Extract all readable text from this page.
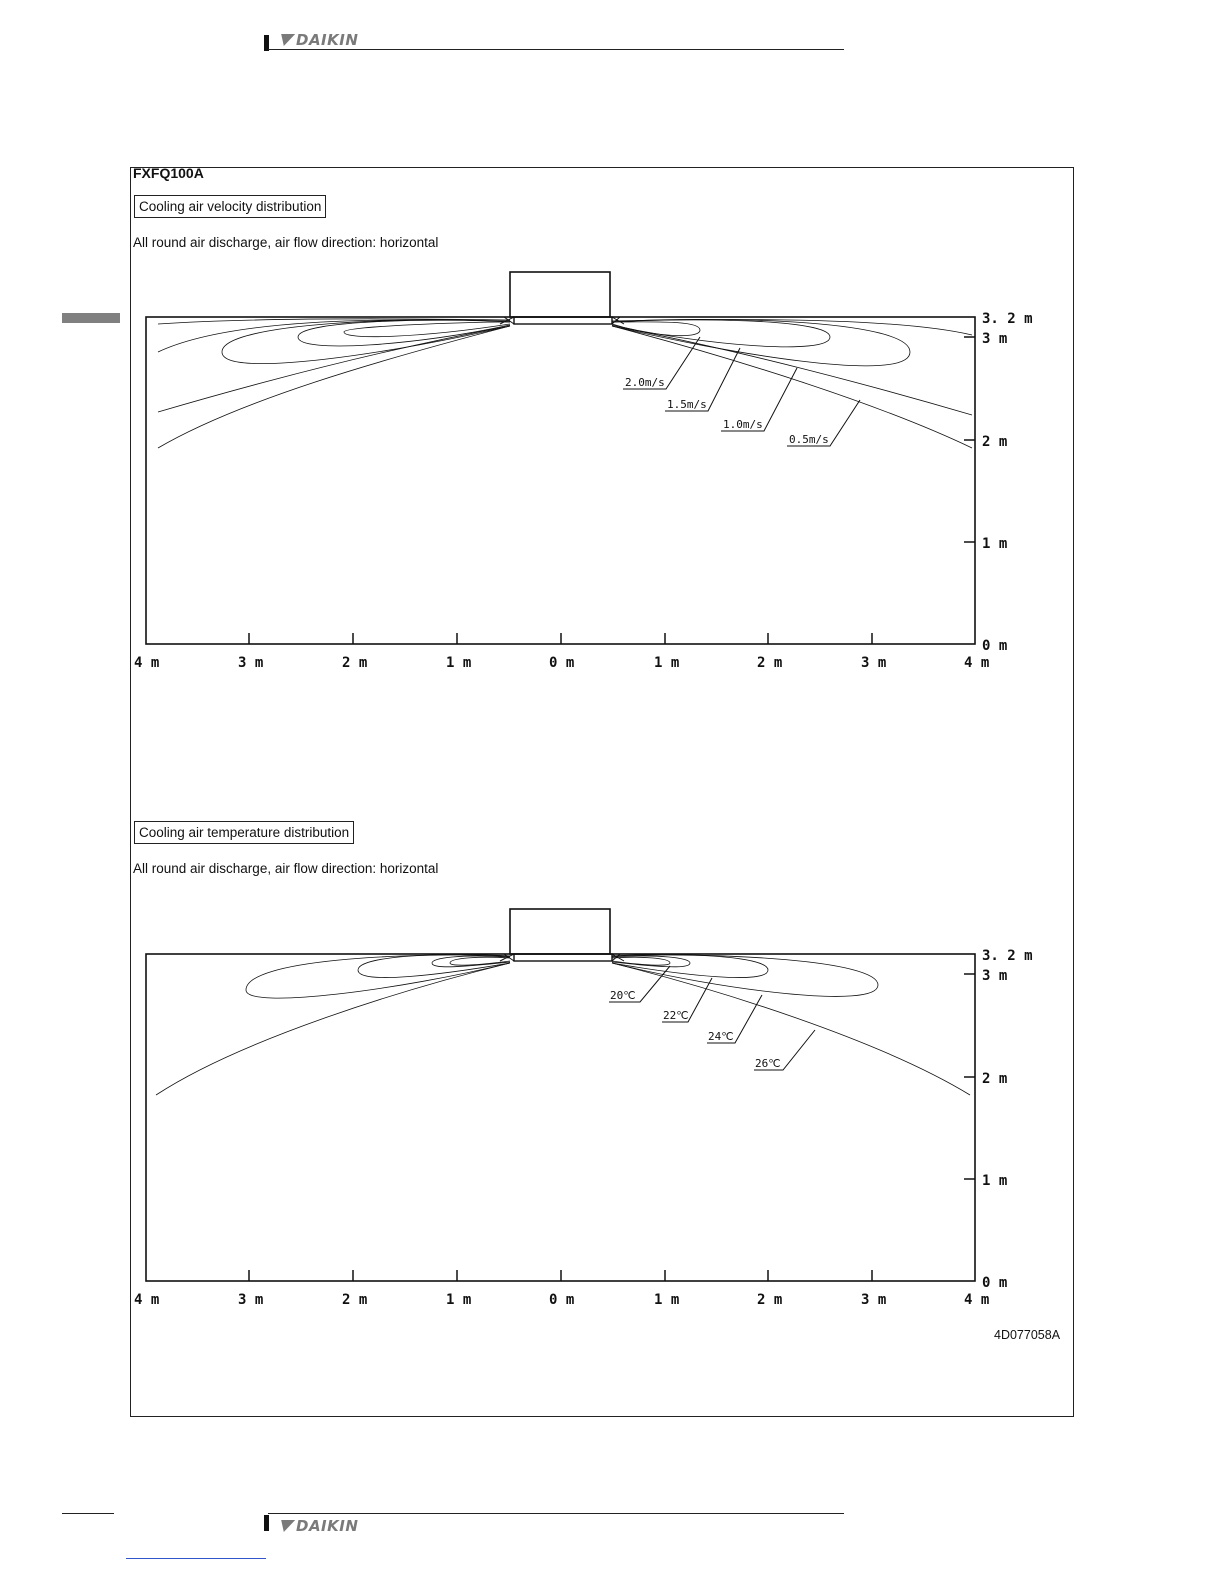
DAIKIN
FXFQ100A
Cooling air velocity distribution
All round air discharge, air flow direction: horizontal
Cooling air temperature distribution
All round air discharge, air flow direction: horizontal
4D077058A
4 m	3 m	2 m	1 m	0 m	1 m	2 m	3 m	4 m
3. 2 m
3 m
2 m
1 m
0 m
2.0m/s
1.5m/s
1.0m/s
0.5m/s
4 m	3 m	2 m	1 m	0 m	1 m	2 m	3 m	4 m
3. 2 m
3 m
2 m
1 m
0 m
20℃
22℃
24℃
26℃
DAIKIN
